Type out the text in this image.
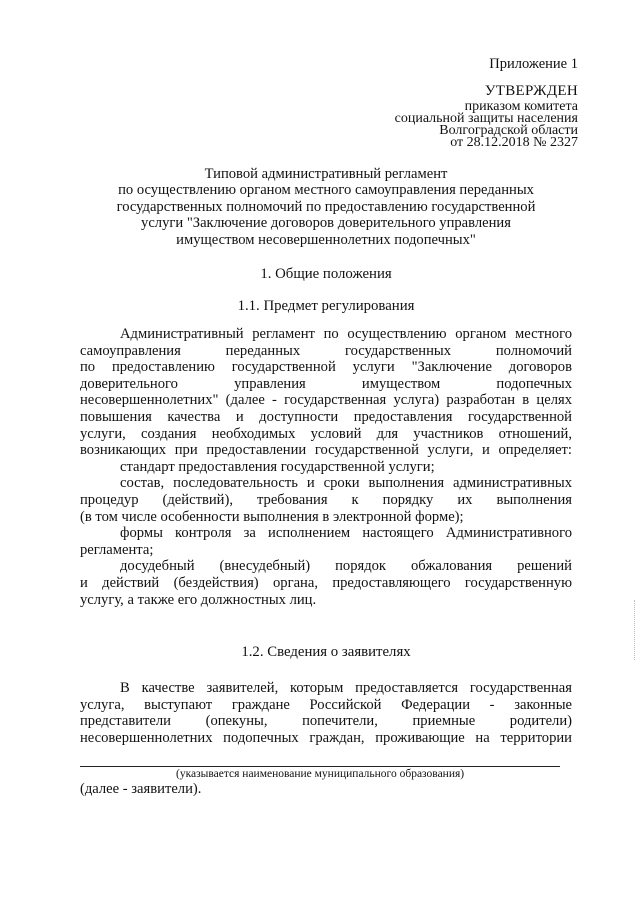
Приложение 1
УТВЕРЖДЕН
приказом комитета
социальной защиты населения
Волгоградской области
от 28.12.2018 № 2327
Типовой административный регламент
по осуществлению органом местного самоуправления переданных
государственных полномочий по предоставлению государственной
услуги "Заключение договоров доверительного управления
имуществом несовершеннолетних подопечных"
1. Общие положения
1.1. Предмет регулирования
Административный регламент по осуществлению органом местного
самоуправления переданных государственных полномочий
по предоставлению государственной услуги "Заключение договоров
доверительного управления имуществом подопечных
несовершеннолетних" (далее - государственная услуга) разработан в целях
повышения качества и доступности предоставления государственной
услуги, создания необходимых условий для участников отношений,
возникающих при предоставлении государственной услуги, и определяет:
стандарт предоставления государственной услуги;
состав, последовательность и сроки выполнения административных
процедур (действий), требования к порядку их выполнения
(в том числе особенности выполнения в электронной форме);
формы контроля за исполнением настоящего Административного
регламента;
досудебный (внесудебный) порядок обжалования решений
и действий (бездействия) органа, предоставляющего государственную
услугу, а также его должностных лиц.
1.2. Сведения о заявителях
В качестве заявителей, которым предоставляется государственная
услуга, выступают граждане Российской Федерации - законные
представители (опекуны, попечители, приемные родители)
несовершеннолетних подопечных граждан, проживающие на территории
(указывается наименование муниципального образования)
(далее - заявители).
